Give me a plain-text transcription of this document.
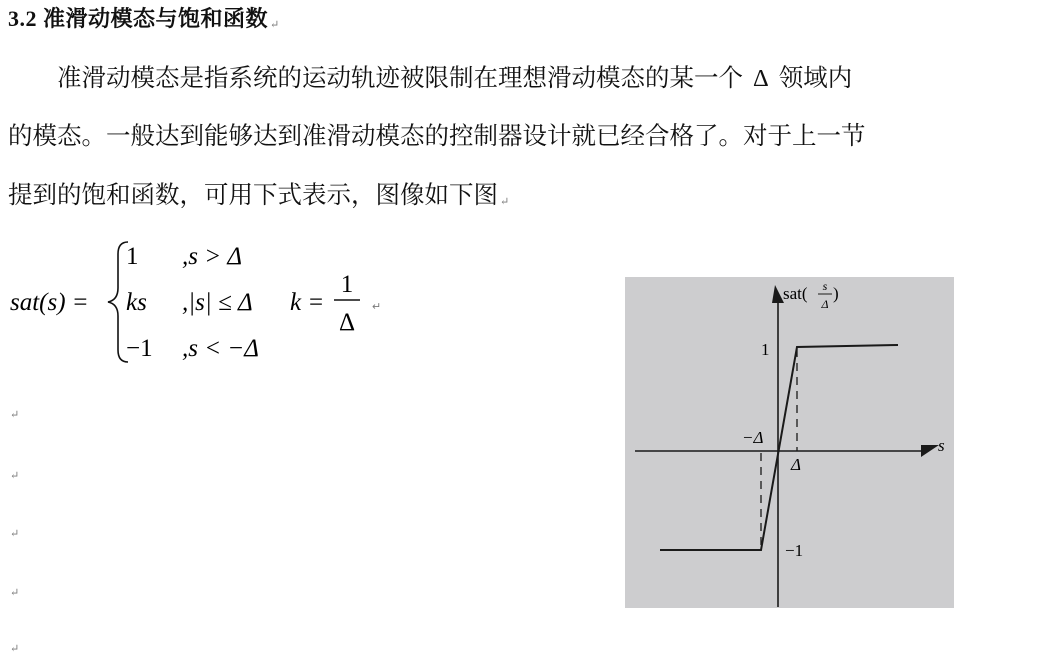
3.2 准滑动模态与饱和函数 ↵
准滑动模态是指系统的运动轨迹被限制在理想滑动模态的某一个 Δ 领域内
的模态。一般达到能够达到准滑动模态的控制器设计就已经合格了。对于上一节
提到的饱和函数，可用下式表示，图像如下图 ↵
sat(s) =
1 ,s > Δ
ks ,|s| ≤ Δ k =
1
Δ
↵
−1 ,s < −Δ
↵
↵
↵
↵
↵
sat( s
Δ
)
s
1
−1
Δ
−Δ
